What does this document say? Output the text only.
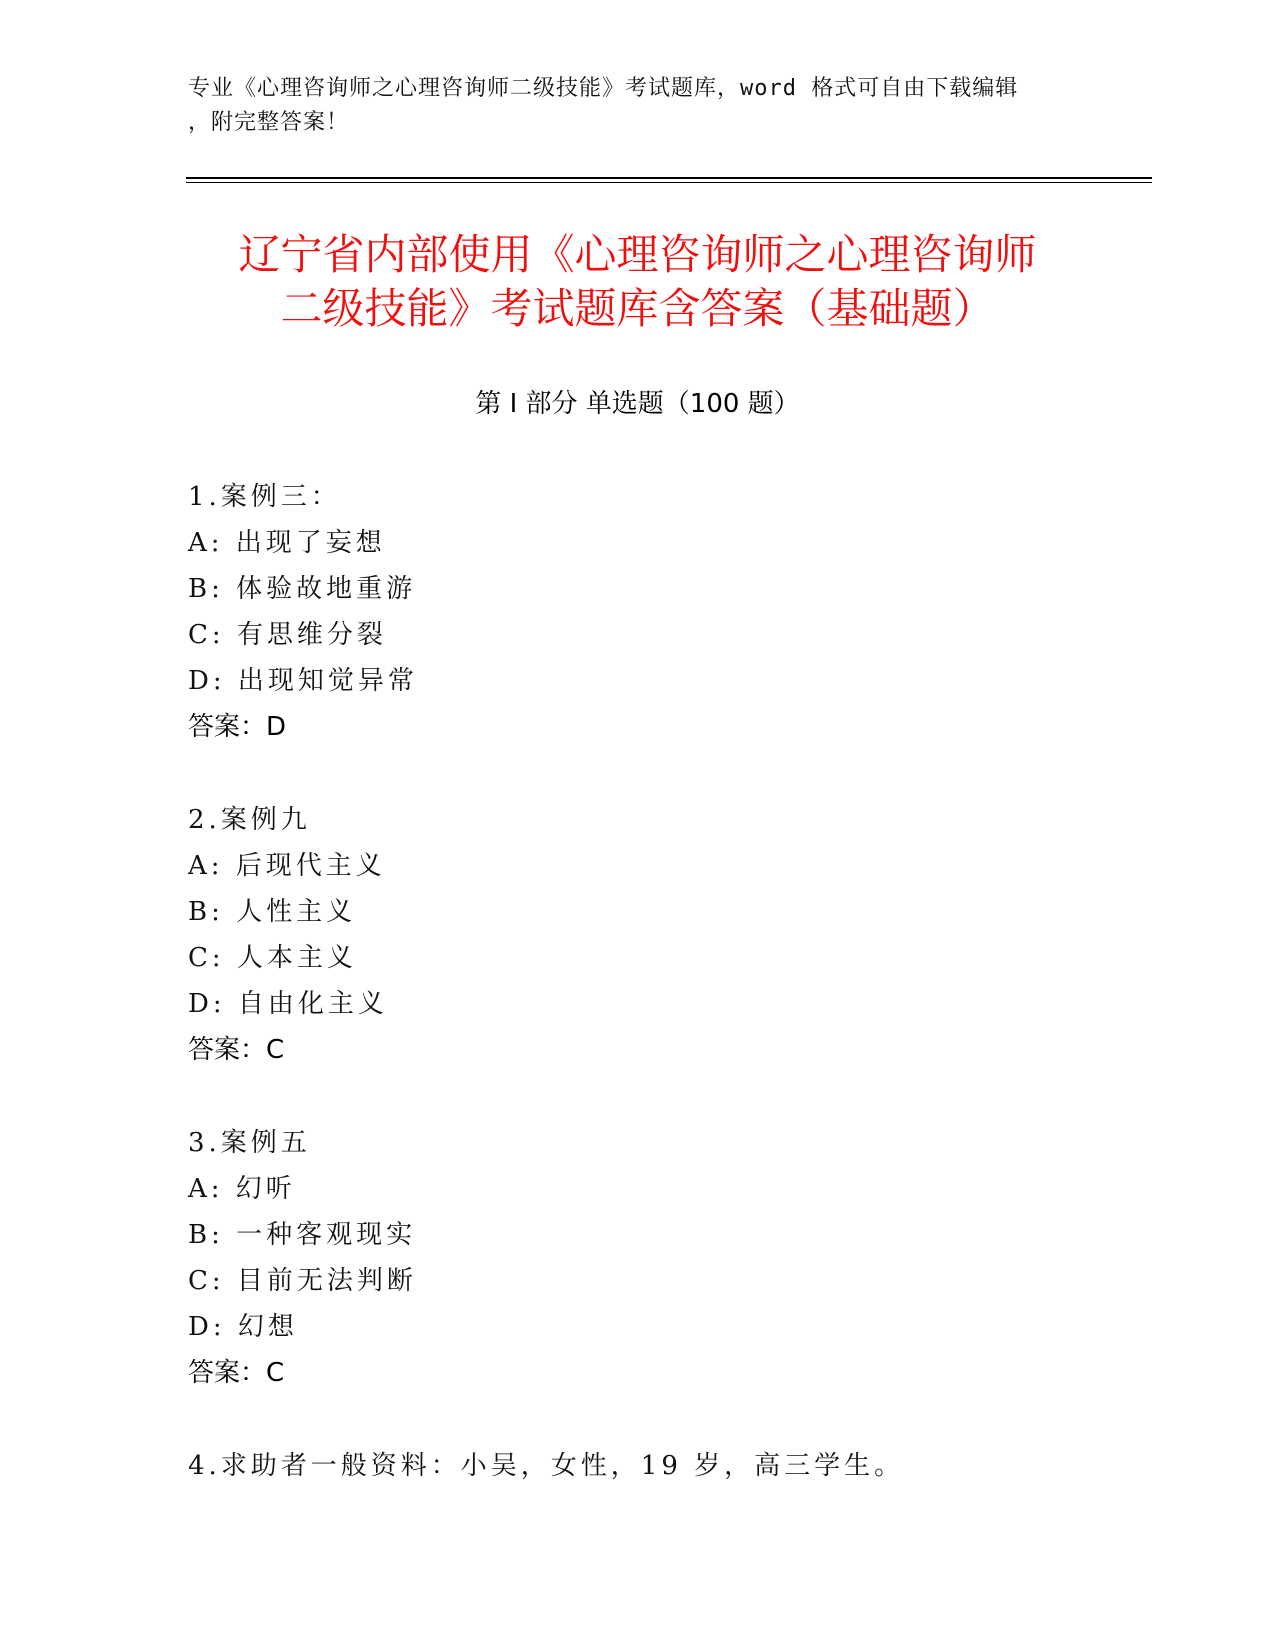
专业《心理咨询师之心理咨询师二级技能》考试题库，word 格式可自由下载编辑
，附完整答案！
辽宁省内部使用《心理咨询师之心理咨询师
二级技能》考试题库含答案（基础题）
第 I 部分 单选题（100 题）
1.案例三：
A: 出现了妄想
B: 体验故地重游
C: 有思维分裂
D: 出现知觉异常
答案：D
2.案例九
A: 后现代主义
B: 人性主义
C: 人本主义
D: 自由化主义
答案：C
3.案例五
A: 幻听
B: 一种客观现实
C: 目前无法判断
D: 幻想
答案：C
4.求助者一般资料：小吴，女性，19 岁，高三学生。
